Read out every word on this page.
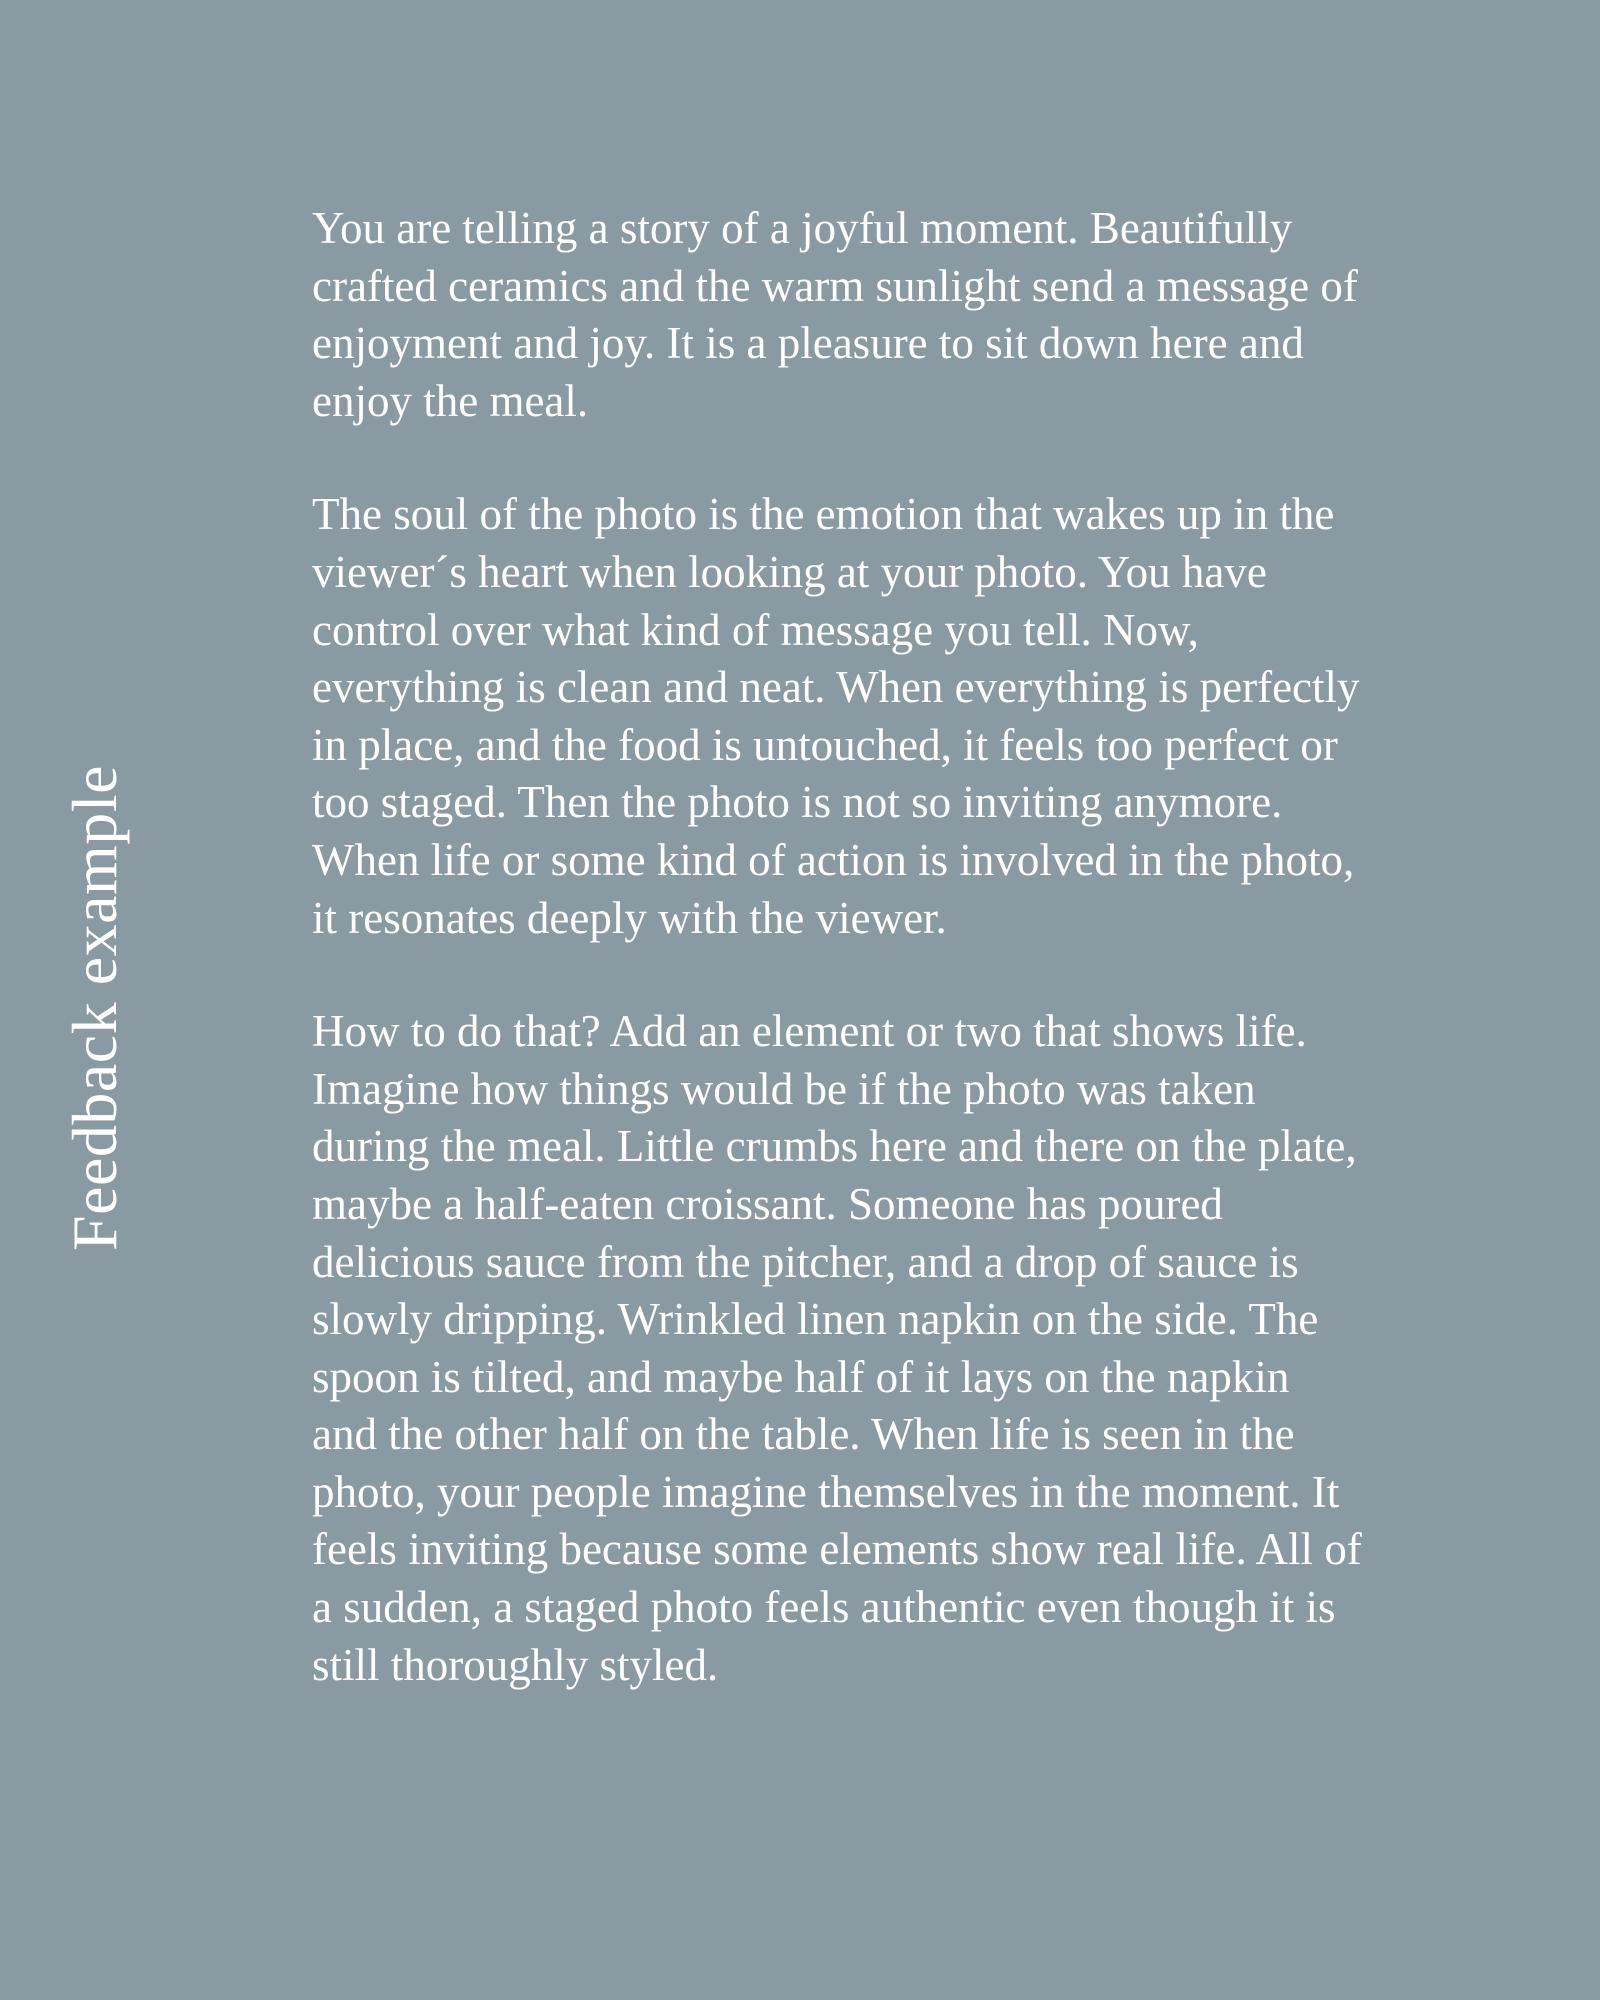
Feedback example

You are telling a story of a joyful moment. Beautifully crafted ceramics and the warm sunlight send a message of enjoyment and joy. It is a pleasure to sit down here and enjoy the meal.

The soul of the photo is the emotion that wakes up in the viewer´s heart when looking at your photo. You have control over what kind of message you tell. Now, everything is clean and neat. When everything is perfectly in place, and the food is untouched, it feels too perfect or too staged. Then the photo is not so inviting anymore. When life or some kind of action is involved in the photo, it resonates deeply with the viewer.

How to do that? Add an element or two that shows life. Imagine how things would be if the photo was taken during the meal. Little crumbs here and there on the plate, maybe a half-eaten croissant. Someone has poured delicious sauce from the pitcher, and a drop of sauce is slowly dripping. Wrinkled linen napkin on the side. The spoon is tilted, and maybe half of it lays on the napkin and the other half on the table. When life is seen in the photo, your people imagine themselves in the moment. It feels inviting because some elements show real life. All of a sudden, a staged photo feels authentic even though it is still thoroughly styled.
